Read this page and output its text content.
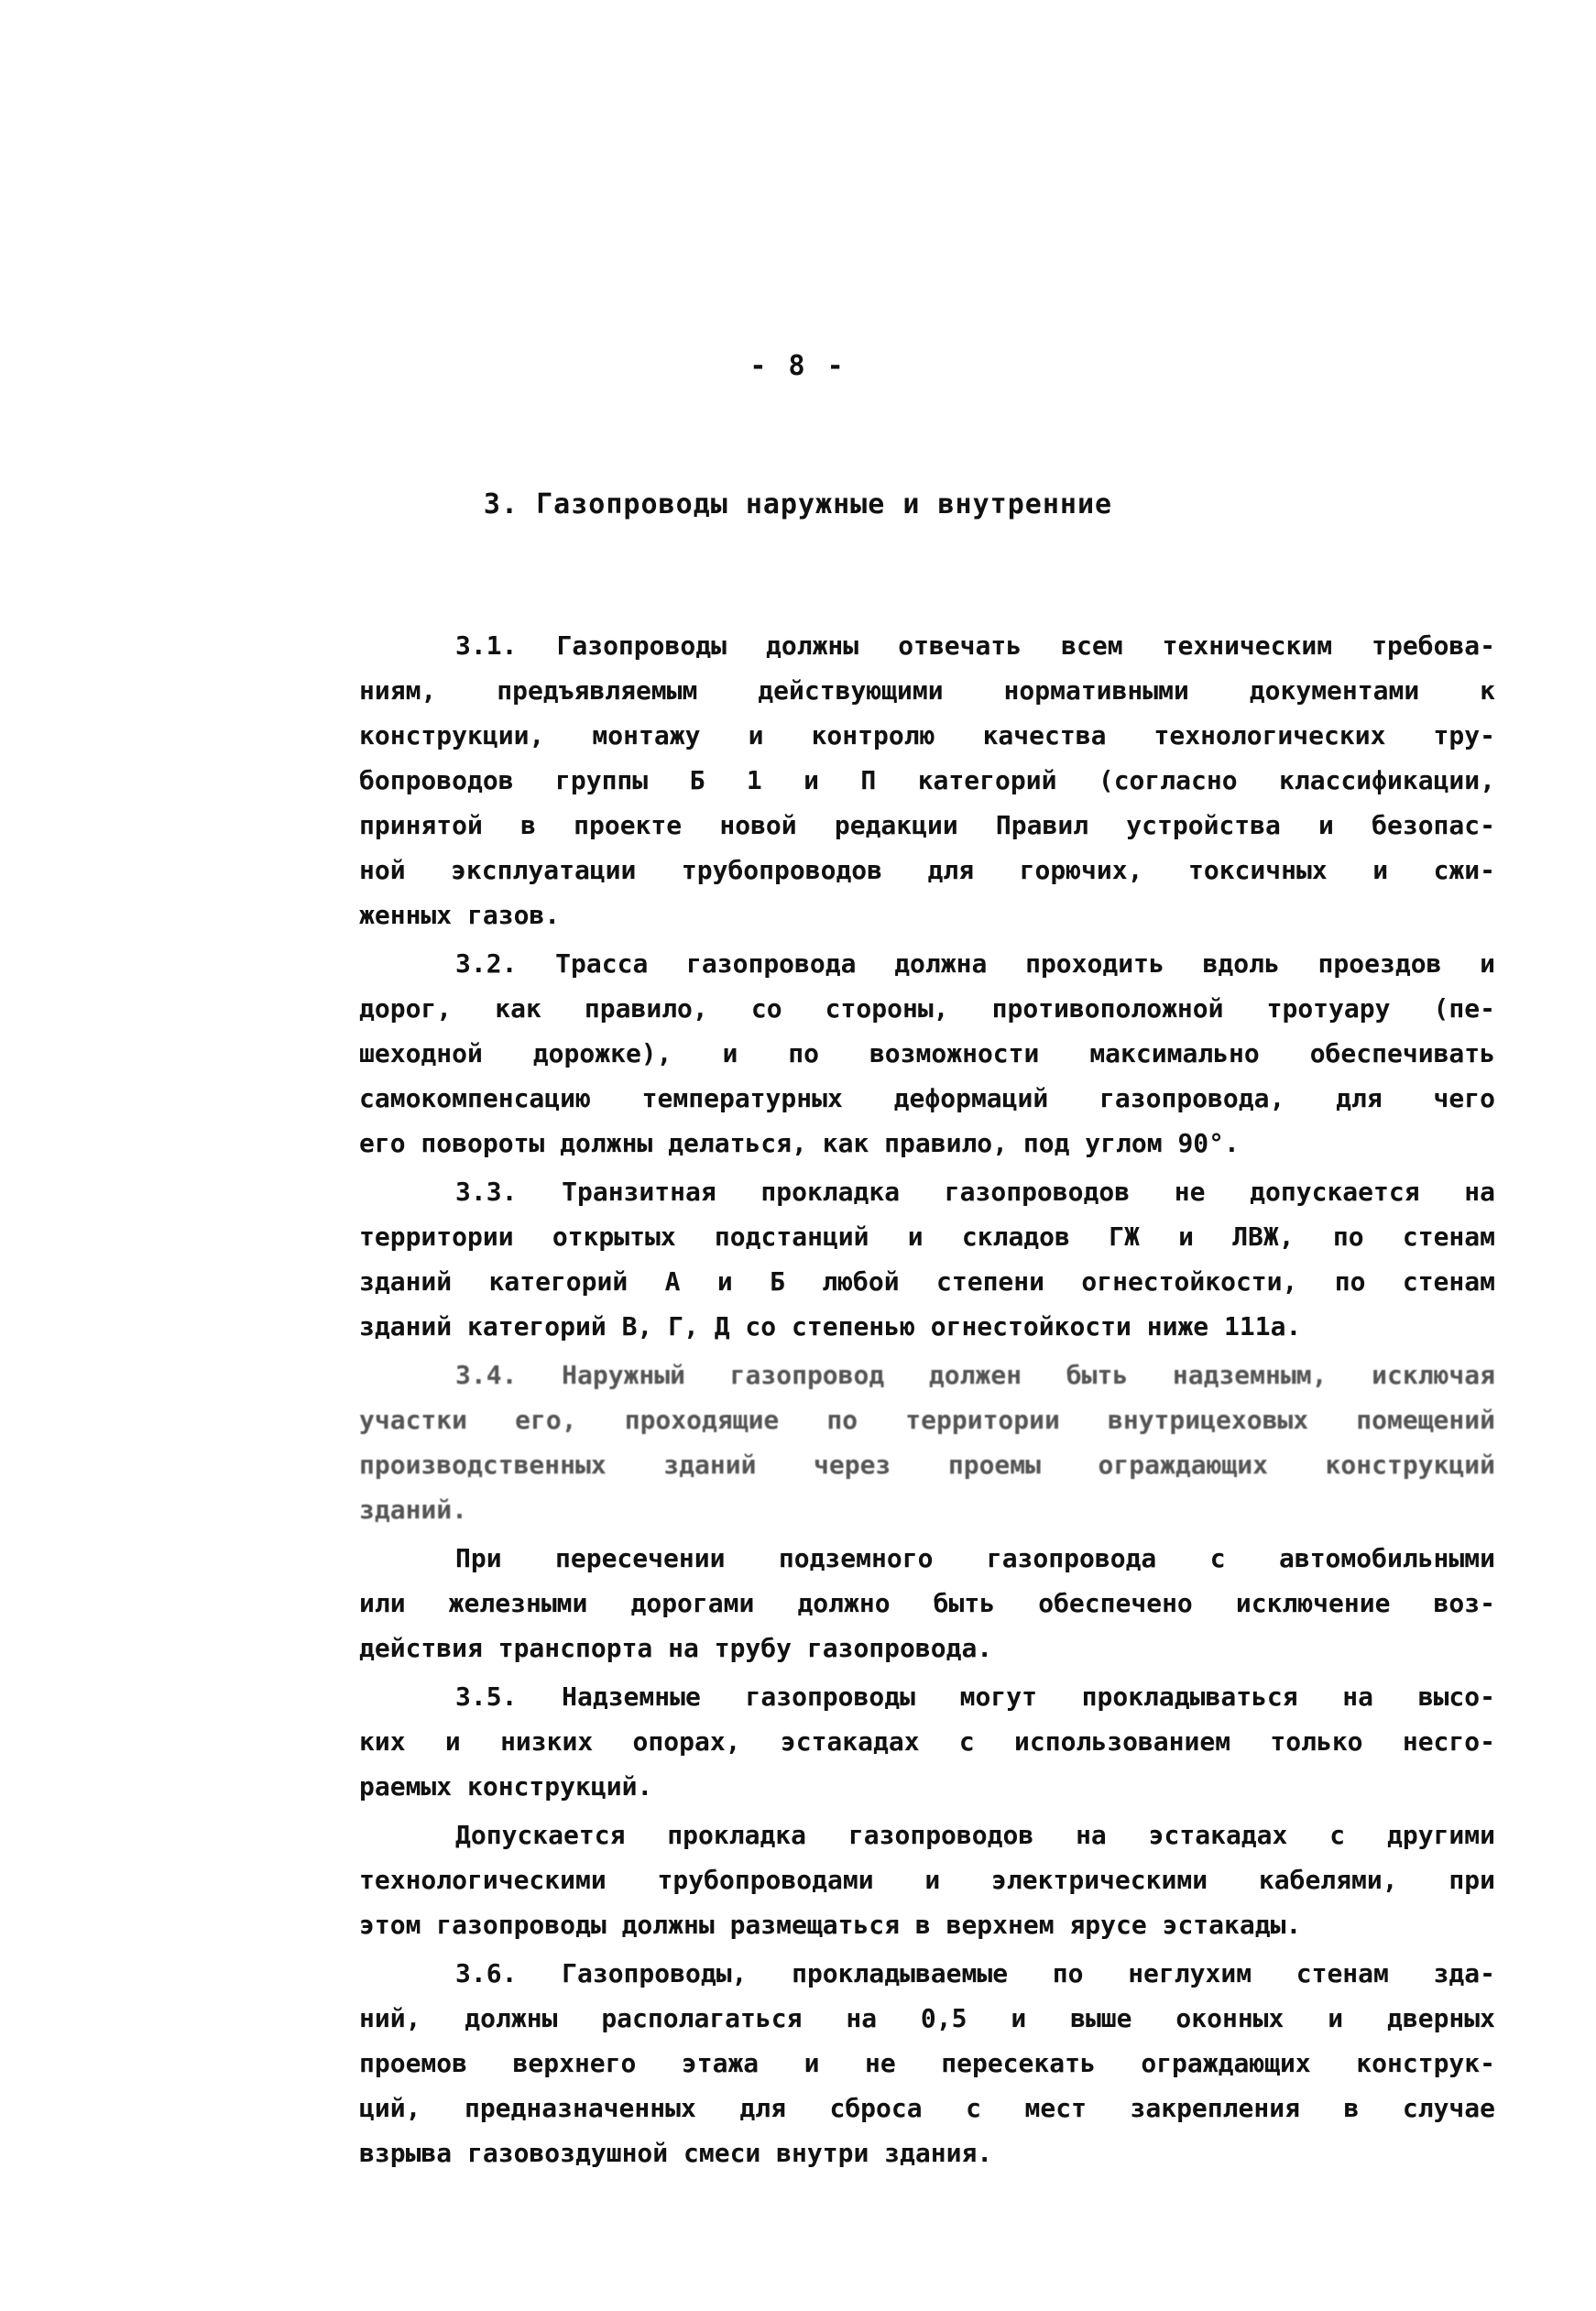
- 8 -
3. Газопроводы наружные и внутренние

3.1. Газопроводы должны отвечать всем техническим требова-
ниям, предъявляемым действующими нормативными документами к
конструкции, монтажу и контролю качества технологических тру-
бопроводов группы Б 1 и П категорий (согласно классификации,
принятой в проекте новой редакции Правил устройства и безопас-
ной эксплуатации трубопроводов для горючих, токсичных и сжи-
женных газов.

3.2. Трасса газопровода должна проходить вдоль проездов и
дорог, как правило, со стороны, противоположной тротуару (пе-
шеходной дорожке), и по возможности максимально обеспечивать
самокомпенсацию температурных деформаций газопровода, для чего
его повороты должны делаться, как правило, под углом 90°.

3.3. Транзитная прокладка газопроводов не допускается на
территории открытых подстанций и складов ГЖ и ЛВЖ, по стенам
зданий категорий А и Б любой степени огнестойкости, по стенам
зданий категорий В, Г, Д со степенью огнестойкости ниже 111а.

3.4. Наружный газопровод должен быть надземным, исключая
участки его, проходящие по территории внутрицеховых помещений
производственных зданий через проемы ограждающих конструкций
зданий.

При пересечении подземного газопровода с автомобильными
или железными дорогами должно быть обеспечено исключение воз-
действия транспорта на трубу газопровода.

3.5. Надземные газопроводы могут прокладываться на высо-
ких и низких опорах, эстакадах с использованием только несго-
раемых конструкций.

Допускается прокладка газопроводов на эстакадах с другими
технологическими трубопроводами и электрическими кабелями, при
этом газопроводы должны размещаться в верхнем ярусе эстакады.

3.6. Газопроводы, прокладываемые по неглухим стенам зда-
ний, должны располагаться на 0,5 и выше оконных и дверных
проемов верхнего этажа и не пересекать ограждающих конструк-
ций, предназначенных для сброса с мест закрепления в случае
взрыва газовоздушной смеси внутри здания.
